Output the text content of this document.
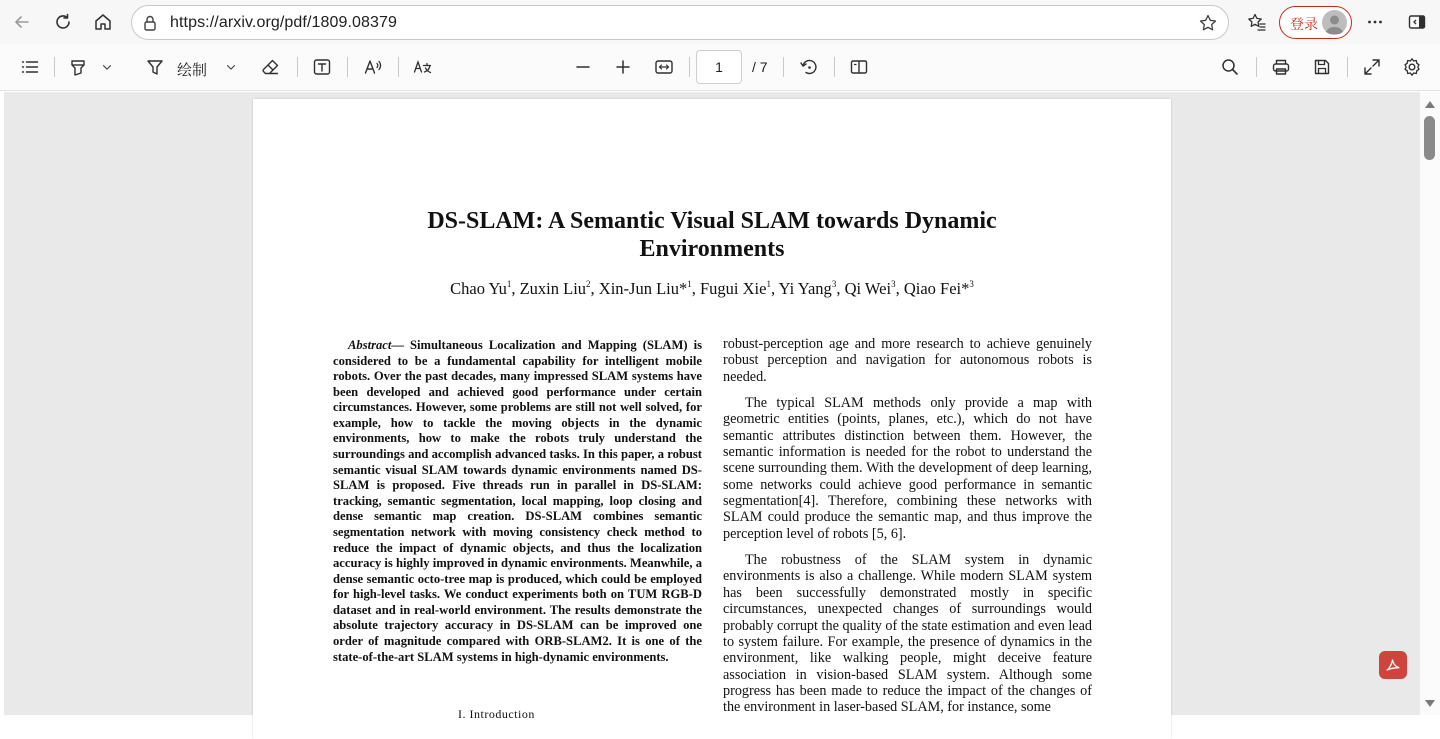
https://arxiv.org/pdf/1809.08379	登录
绘制	1	/ 7
DS-SLAM: A Semantic Visual SLAM towards Dynamic
Environments
Chao Yu$^1$, Zuxin Liu$^2$, Xin-Jun Liu*$^1$, Fugui Xie$^1$, Yi Yang$^3$, Qi Wei$^3$, Qiao Fei*$^3$
Abstract— Simultaneous Localization and Mapping (SLAM) is considered to be a fundamental capability for intelligent mobile robots. Over the past decades, many impressed SLAM systems have been developed and achieved good performance under certain circumstances. However, some problems are still not well solved, for example, how to tackle the moving objects in the dynamic environments, how to make the robots truly understand the surroundings and accomplish advanced tasks. In this paper, a robust semantic visual SLAM towards dynamic environments named DS-SLAM is proposed. Five threads run in parallel in DS-SLAM: tracking, semantic segmentation, local mapping, loop closing and dense semantic map creation. DS-SLAM combines semantic segmentation network with moving consistency check method to reduce the impact of dynamic objects, and thus the localization accuracy is highly improved in dynamic environments. Meanwhile, a dense semantic octo-tree map is produced, which could be employed for high-level tasks. We conduct experiments both on TUM RGB-D dataset and in real-world environment. The results demonstrate the absolute trajectory accuracy in DS-SLAM can be improved one order of magnitude compared with ORB-SLAM2. It is one of the state-of-the-art SLAM systems in high-dynamic environments.
I. Introduction

robust-perception age and more research to achieve genuinely robust perception and navigation for autonomous robots is needed.

The typical SLAM methods only provide a map with geometric entities (points, planes, etc.), which do not have semantic attributes distinction between them. However, the semantic information is needed for the robot to understand the scene surrounding them. With the development of deep learning, some networks could achieve good performance in semantic segmentation[4]. Therefore, combining these networks with SLAM could produce the semantic map, and thus improve the perception level of robots [5, 6].

The robustness of the SLAM system in dynamic environments is also a challenge. While modern SLAM system has been successfully demonstrated mostly in specific circumstances, unexpected changes of surroundings would probably corrupt the quality of the state estimation and even lead to system failure. For example, the presence of dynamics in the environment, like walking people, might deceive feature association in vision-based SLAM system. Although some progress has been made to reduce the impact of the changes of the environment in laser-based SLAM, for instance, some
